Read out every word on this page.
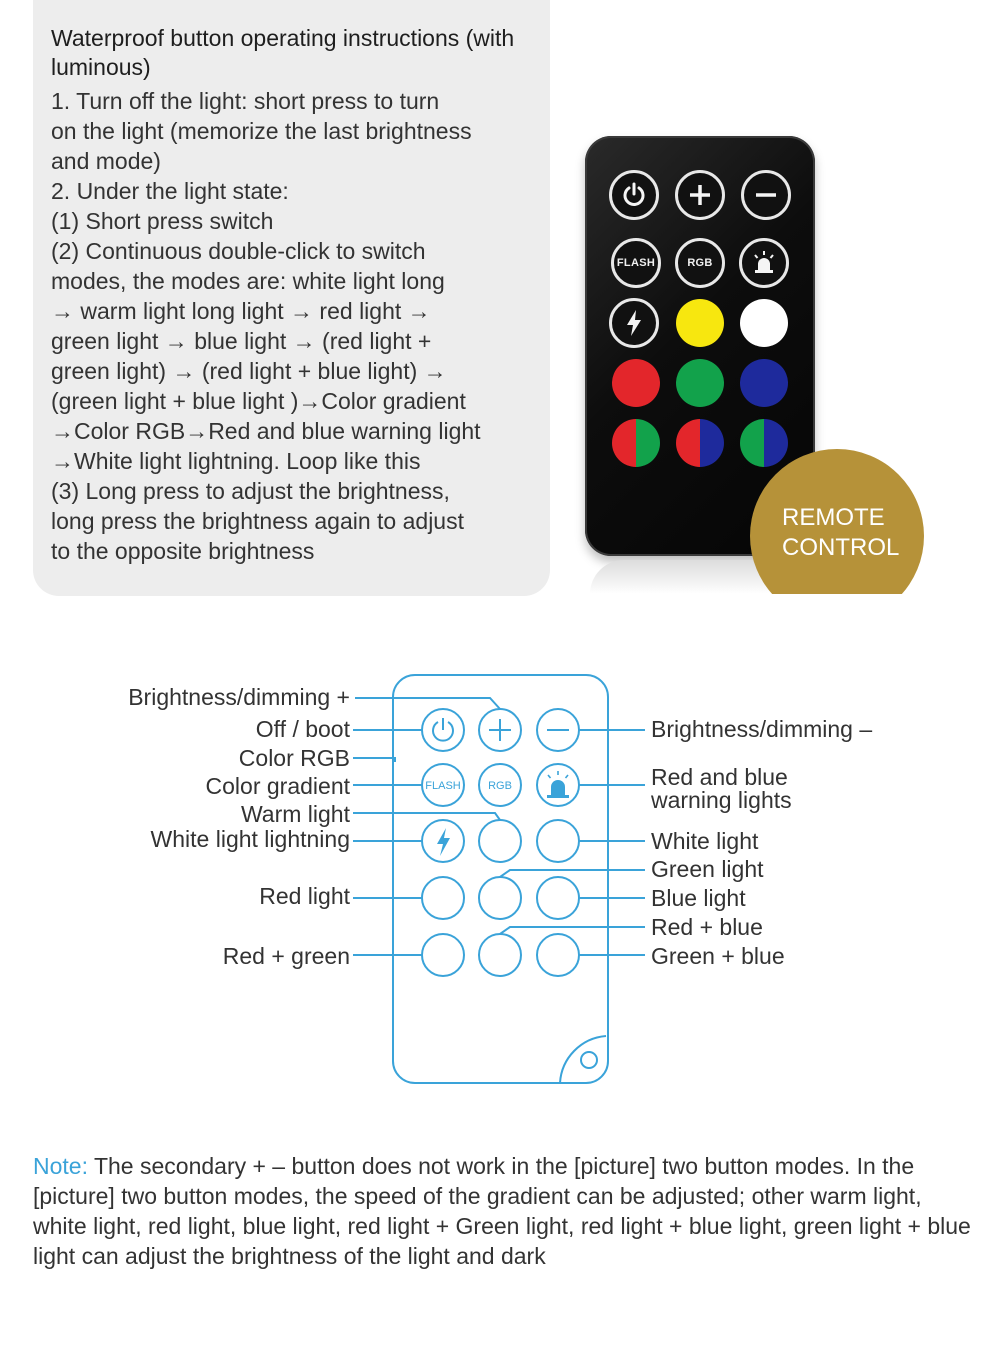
Waterproof button operating instructions (with luminous)
1. Turn off the light: short press to turn
on the light (memorize the last brightness
and mode)
2. Under the light state:
(1) Short press switch
(2) Continuous double-click to switch
modes, the modes are: white light long
→ warm light long light → red light →
green light → blue light → (red light +
green light) → (red light + blue light) →
(green light + blue light )→Color gradient
→Color RGB→Red and blue warning light
→White light lightning. Loop like this
(3) Long press to adjust the brightness,
long press the brightness again to adjust
to the opposite brightness
FLASH	RGB
REMOTE
CONTROL
FLASH RGB
Brightness/dimming +
Off / boot
Color RGB
Color gradient
Warm light
White light lightning
Red light
Red + green
Brightness/dimming –
Red and blue
warning lights
White light
Green light
Blue light
Red + blue
Green + blue
Note: The secondary + – button does not work in the [picture] two button modes. In the [picture] two button modes, the speed of the gradient can be adjusted; other warm light, white light, red light, blue light, red light + Green light, red light + blue light, green light + blue light can adjust the brightness of the light and dark
